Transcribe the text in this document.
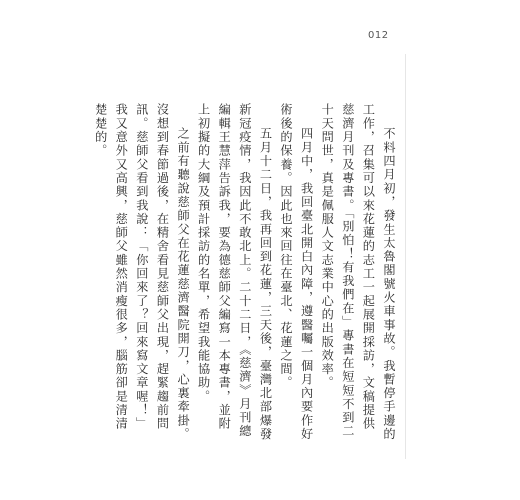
012

不料四月初，發生太魯閣號火車事故。我暫停手邊的工作，召集可以來花蓮的志工一起展開採訪，文稿提供慈濟月刊及專書。「別怕！有我們在」專書在短短不到二十天問世，真是佩服人文志業中心的出版效率。

四月中，我回臺北開白內障，遵醫囑一個月內要作好術後的保養。因此也來回往在臺北、花蓮之間。

五月十二日，我再回到花蓮，三天後，臺灣北部爆發新冠疫情，我因此不敢北上。二十二日，《慈濟》月刊總編輯王慧萍告訴我，要為德慈師父編寫一本專書，並附上初擬的大綱及預計採訪的名單，希望我能協助。

之前有聽說慈師父在花蓮慈濟醫院開刀，心裏牽掛。沒想到春節過後，在精舍看見慈師父出現，趕緊趨前問訊。慈師父看到我說：「你回來了？回來寫文章喔！」我又意外又高興，慈師父雖然消瘦很多，腦筋卻是清清楚楚的。
